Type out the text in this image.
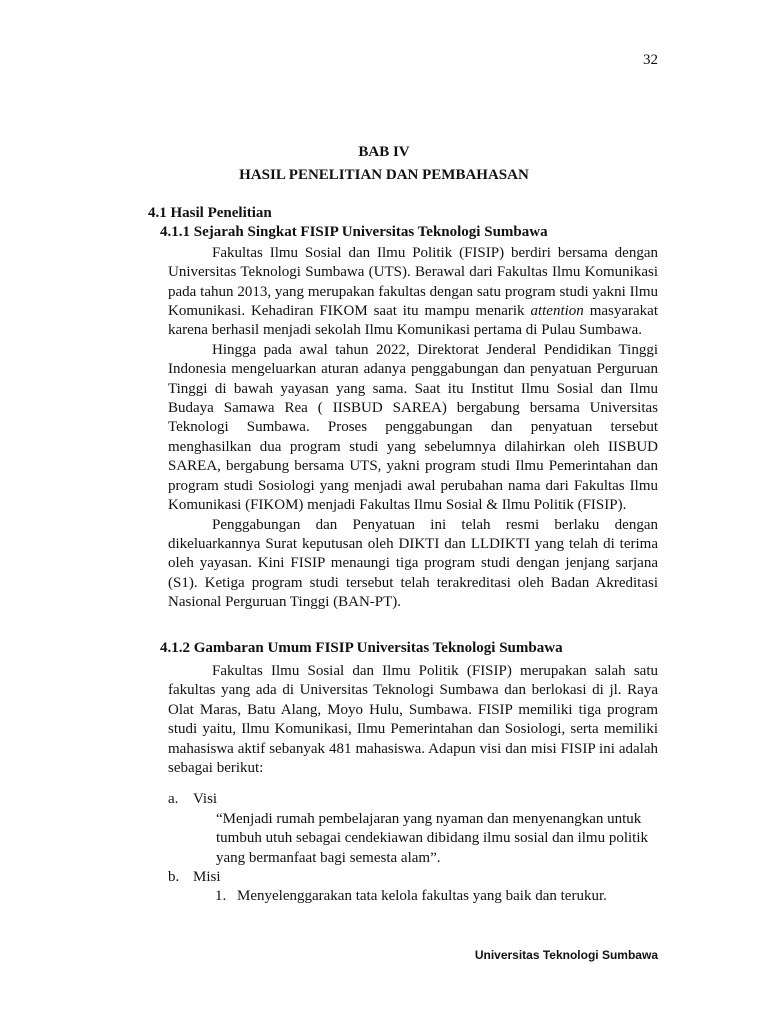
32
BAB IV
HASIL PENELITIAN DAN PEMBAHASAN

4.1 Hasil Penelitian

4.1.1 Sejarah Singkat FISIP Universitas Teknologi Sumbawa

Fakultas Ilmu Sosial dan Ilmu Politik (FISIP) berdiri bersama dengan Universitas Teknologi Sumbawa (UTS). Berawal dari Fakultas Ilmu Komunikasi pada tahun 2013, yang merupakan fakultas dengan satu program studi yakni Ilmu Komunikasi. Kehadiran FIKOM saat itu mampu menarik attention masyarakat karena berhasil menjadi sekolah Ilmu Komunikasi pertama di Pulau Sumbawa.

Hingga pada awal tahun 2022, Direktorat Jenderal Pendidikan Tinggi Indonesia mengeluarkan aturan adanya penggabungan dan penyatuan Perguruan Tinggi di bawah yayasan yang sama. Saat itu Institut Ilmu Sosial dan Ilmu Budaya Samawa Rea ( IISBUD SAREA) bergabung bersama Universitas Teknologi Sumbawa. Proses penggabungan dan penyatuan tersebut menghasilkan dua program studi yang sebelumnya dilahirkan oleh IISBUD SAREA, bergabung bersama UTS, yakni program studi Ilmu Pemerintahan dan program studi Sosiologi yang menjadi awal perubahan nama dari Fakultas Ilmu Komunikasi (FIKOM) menjadi Fakultas Ilmu Sosial & Ilmu Politik (FISIP).

Penggabungan dan Penyatuan ini telah resmi berlaku dengan dikeluarkannya Surat keputusan oleh DIKTI dan LLDIKTI yang telah di terima oleh yayasan. Kini FISIP menaungi tiga program studi dengan jenjang sarjana (S1). Ketiga program studi tersebut telah terakreditasi oleh Badan Akreditasi Nasional Perguruan Tinggi (BAN-PT).

4.1.2 Gambaran Umum FISIP Universitas Teknologi Sumbawa

Fakultas Ilmu Sosial dan Ilmu Politik (FISIP) merupakan salah satu fakultas yang ada di Universitas Teknologi Sumbawa dan berlokasi di jl. Raya Olat Maras, Batu Alang, Moyo Hulu, Sumbawa. FISIP memiliki tiga program studi yaitu, Ilmu Komunikasi, Ilmu Pemerintahan dan Sosiologi, serta memiliki mahasiswa aktif sebanyak 481 mahasiswa. Adapun visi dan misi FISIP ini adalah sebagai berikut:

a. Visi

“Menjadi rumah pembelajaran yang nyaman dan menyenangkan untuk tumbuh utuh sebagai cendekiawan dibidang ilmu sosial dan ilmu politik yang bermanfaat bagi semesta alam”.

b. Misi
1. Menyelenggarakan tata kelola fakultas yang baik dan terukur.
Universitas Teknologi Sumbawa
